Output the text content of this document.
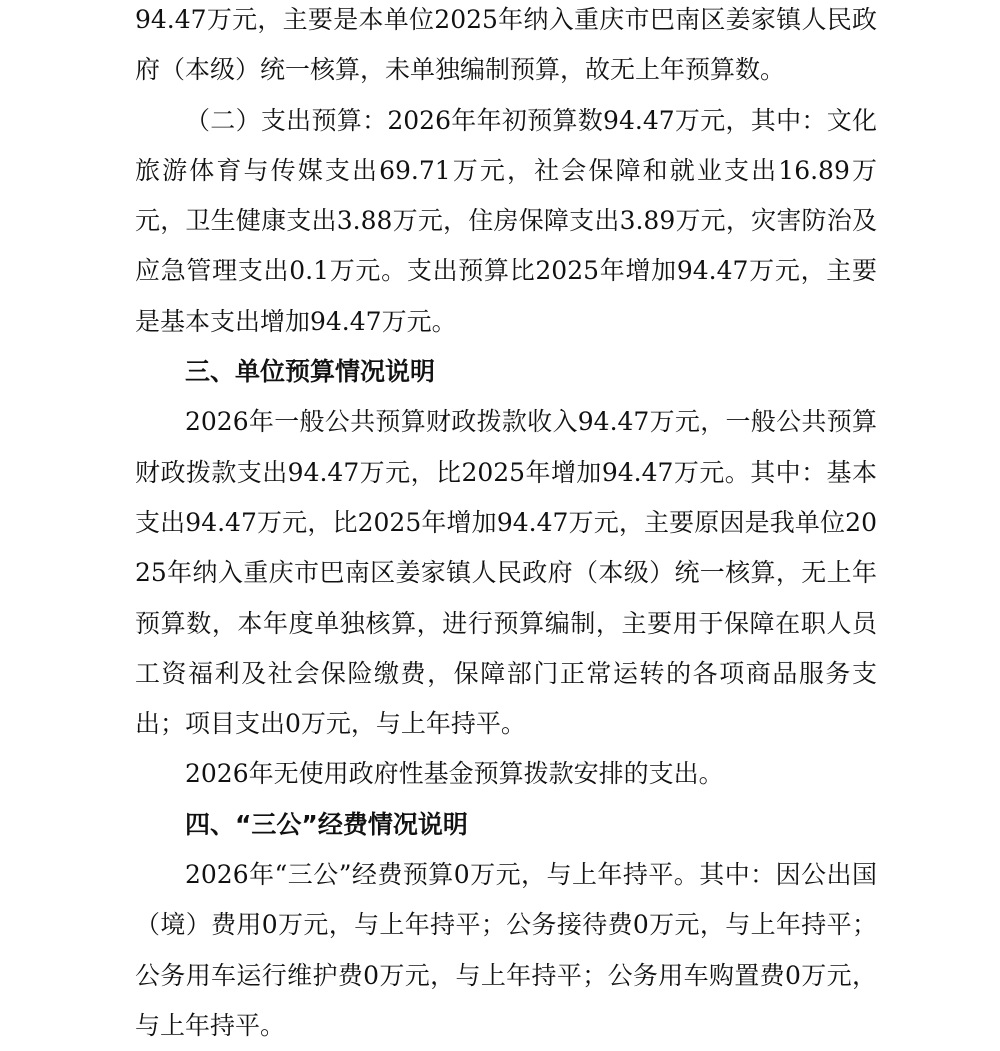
94.47万元，主要是本单位2025年纳入重庆市巴南区姜家镇人民政府（本级）统一核算，未单独编制预算，故无上年预算数。

（二）支出预算：2026年年初预算数94.47万元，其中：文化旅游体育与传媒支出69.71万元，社会保障和就业支出16.89万元，卫生健康支出3.88万元，住房保障支出3.89万元，灾害防治及应急管理支出0.1万元。支出预算比2025年增加94.47万元，主要是基本支出增加94.47万元。

三、单位预算情况说明

2026年一般公共预算财政拨款收入94.47万元，一般公共预算财政拨款支出94.47万元，比2025年增加94.47万元。其中：基本支出94.47万元，比2025年增加94.47万元，主要原因是我单位2025年纳入重庆市巴南区姜家镇人民政府（本级）统一核算，无上年预算数，本年度单独核算，进行预算编制，主要用于保障在职人员工资福利及社会保险缴费，保障部门正常运转的各项商品服务支出；项目支出0万元，与上年持平。

2026年无使用政府性基金预算拨款安排的支出。

四、“三公”经费情况说明

2026年“三公”经费预算0万元，与上年持平。其中：因公出国（境）费用0万元，与上年持平；公务接待费0万元，与上年持平；公务用车运行维护费0万元，与上年持平；公务用车购置费0万元，与上年持平。
